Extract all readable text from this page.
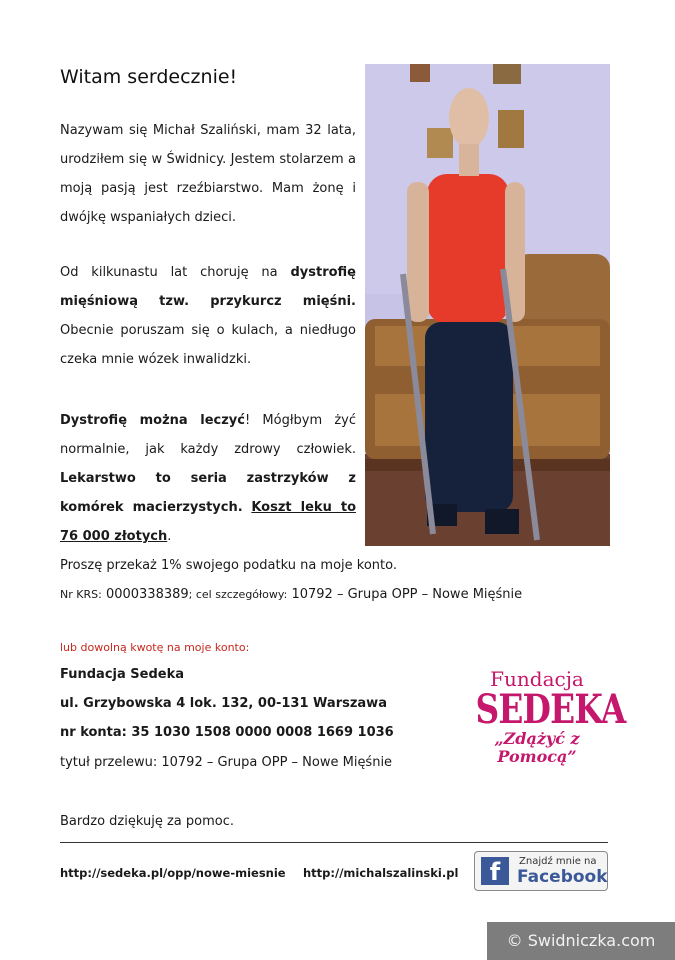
Witam serdecznie!
Nazywam się Michał Szaliński, mam 32 lata, urodziłem się w Świdnicy. Jestem stolarzem a moją pasją jest rzeźbiarstwo. Mam żonę i dwójkę wspaniałych dzieci.
Od kilkunastu lat choruję na dystrofię mięśniową tzw. przykurcz mięśni. Obecnie poruszam się o kulach, a niedługo czeka mnie wózek inwalidzki.
Dystrofię można leczyć! Mógłbym żyć normalnie, jak każdy zdrowy człowiek. Lekarstwo to seria zastrzyków z komórek macierzystych. Koszt leku to 76 000 złotych.
Proszę przekaż 1% swojego podatku na moje konto.
Nr KRS: 0000338389; cel szczegółowy: 10792 – Grupa OPP – Nowe Mięśnie
lub dowolną kwotę na moje konto:
Fundacja Sedeka
ul. Grzybowska 4 lok. 132, 00-131 Warszawa
nr konta: 35 1030 1508 0000 0008 1669 1036
tytuł przelewu: 10792 – Grupa OPP – Nowe Mięśnie
Fundacja
SEDEKA
„Zdążyć z Pomocą”
Bardzo dziękuję za pomoc.
http://sedeka.pl/opp/nowe-miesnie http://michalszalinski.pl	f	Znajdź mnie na
Facebook
© Swidniczka.com
